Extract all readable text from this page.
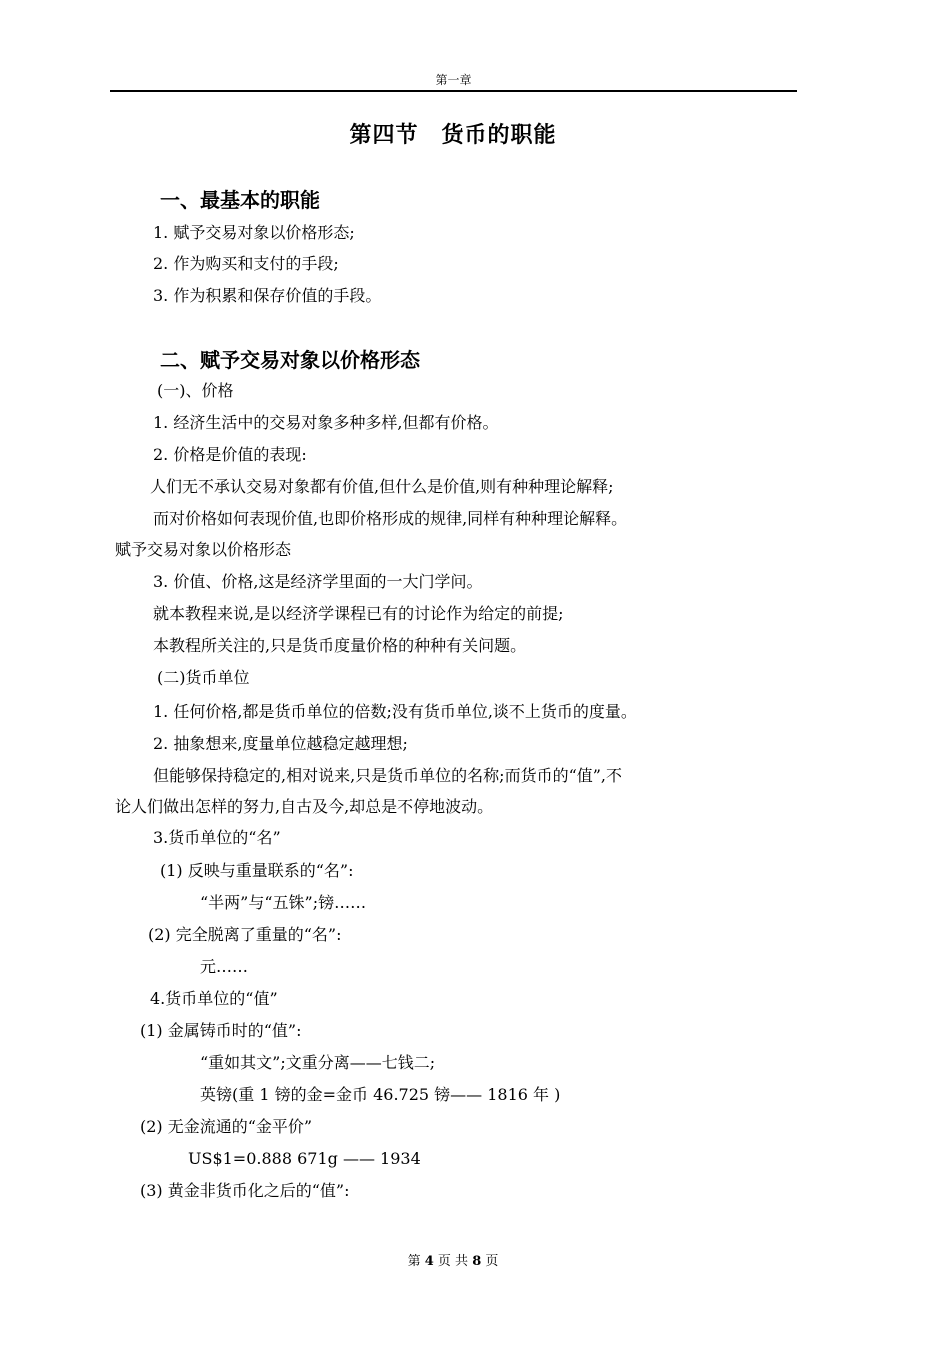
第一章
第四节　货币的职能
一、最基本的职能
1. 赋予交易对象以价格形态;
2. 作为购买和支付的手段;
3. 作为积累和保存价值的手段。
二、赋予交易对象以价格形态
(一)、价格
1. 经济生活中的交易对象多种多样,但都有价格。
2. 价格是价值的表现:
人们无不承认交易对象都有价值,但什么是价值,则有种种理论解释;
而对价格如何表现价值,也即价格形成的规律,同样有种种理论解释。
赋予交易对象以价格形态
3. 价值、价格,这是经济学里面的一大门学问。
就本教程来说,是以经济学课程已有的讨论作为给定的前提;
本教程所关注的,只是货币度量价格的种种有关问题。
(二)货币单位
1. 任何价格,都是货币单位的倍数;没有货币单位,谈不上货币的度量。
2. 抽象想来,度量单位越稳定越理想;
但能够保持稳定的,相对说来,只是货币单位的名称;而货币的“值”,不
论人们做出怎样的努力,自古及今,却总是不停地波动。
3.货币单位的“名”
(1) 反映与重量联系的“名”:
“半两”与“五铢”;镑……
(2) 完全脱离了重量的“名”:
元……
4.货币单位的“值”
(1) 金属铸币时的“值”:
“重如其文”;文重分离——七钱二;
英镑(重 1 镑的金=金币 46.725 镑—— 1816 年 )
(2) 无金流通的“金平价”
US$1=0.888 671g —— 1934
(3) 黄金非货币化之后的“值”:
第 4 页 共 8 页
